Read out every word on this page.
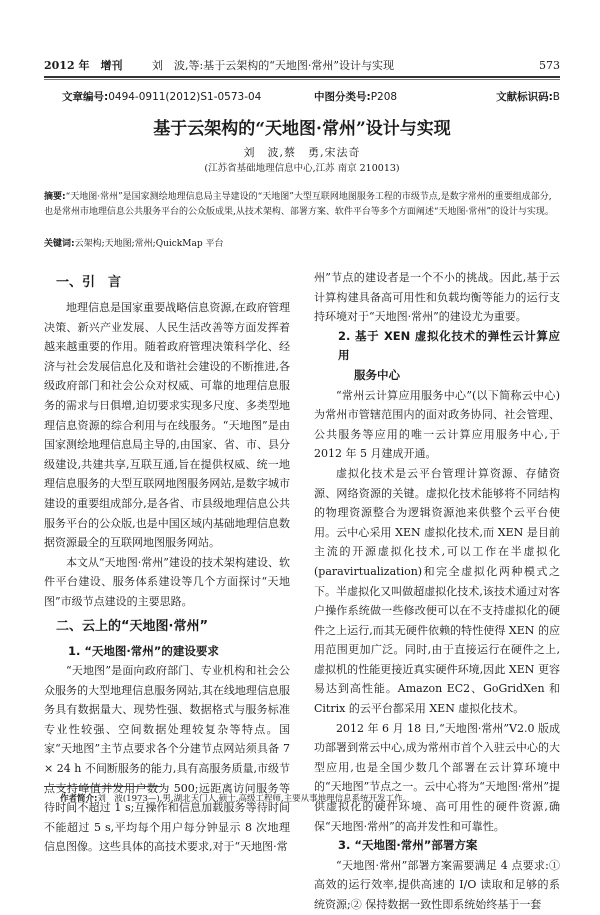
2012 年　增刊	刘　波,等:基于云架构的“天地图·常州”设计与实现	573
文章编号:0494-0911(2012)S1-0573-04	中图分类号:P208	文献标识码:B
基于云架构的“天地图·常州”设计与实现
刘　波,蔡　勇,宋法奇
(江苏省基础地理信息中心,江苏 南京 210013)
摘要:“天地图·常州”是国家测绘地理信息局主导建设的“天地图”大型互联网地图服务工程的市级节点,是数字常州的重要组成部分,也是常州市地理信息公共服务平台的公众版成果,从技术架构、部署方案、软件平台等多个方面阐述“天地图·常州”的设计与实现。
关键词:云架构;天地图;常州;QuickMap 平台
一、引　言

地理信息是国家重要战略信息资源,在政府管理决策、新兴产业发展、人民生活改善等方面发挥着越来越重要的作用。随着政府管理决策科学化、经济与社会发展信息化及和谐社会建设的不断推进,各级政府部门和社会公众对权威、可靠的地理信息服务的需求与日俱增,迫切要求实现多尺度、多类型地理信息资源的综合利用与在线服务。“天地图”是由国家测绘地理信息局主导的,由国家、省、市、县分级建设,共建共享,互联互通,旨在提供权威、统一地理信息服务的大型互联网地图服务网站,是数字城市建设的重要组成部分,是各省、市县级地理信息公共服务平台的公众版,也是中国区域内基础地理信息数据资源最全的互联网地图服务网站。

本文从“天地图·常州”建设的技术架构建设、软件平台建设、服务体系建设等几个方面探讨“天地图”市级节点建设的主要思路。

二、云上的“天地图·常州”
1. “天地图·常州”的建设要求

“天地图”是面向政府部门、专业机构和社会公众服务的大型地理信息服务网站,其在线地理信息服务具有数据量大、现势性强、数据格式与服务标准专业性较强、空间数据处理较复杂等特点。国家“天地图”主节点要求各个分建节点网站须具备 7 × 24 h 不间断服务的能力,具有高服务质量,市级节点支持峰值并发用户数为 500;远距离访问服务等待时间不超过 1 s;互操作和信息加载服务等待时间不能超过 5 s,平均每个用户每分钟显示 8 次地理信息图像。这些具体的高技术要求,对于“天地图·常

州”节点的建设者是一个不小的挑战。因此,基于云计算构建具备高可用性和负载均衡等能力的运行支持环境对于“天地图·常州”的建设尤为重要。

2. 基于 XEN 虚拟化技术的弹性云计算应用
服务中心

“常州云计算应用服务中心”(以下简称云中心)为常州市管辖范围内的面对政务协同、社会管理、公共服务等应用的唯一云计算应用服务中心,于 2012 年 5 月建成开通。

虚拟化技术是云平台管理计算资源、存储资源、网络资源的关键。虚拟化技术能够将不同结构的物理资源整合为逻辑资源池来供整个云平台使用。云中心采用 XEN 虚拟化技术,而 XEN 是目前主流的开源虚拟化技术,可以工作在半虚拟化(paravirtualization)和完全虚拟化两种模式之下。半虚拟化又叫做超虚拟化技术,该技术通过对客户操作系统做一些修改便可以在不支持虚拟化的硬件之上运行,而其无硬件依赖的特性使得 XEN 的应用范围更加广泛。同时,由于直接运行在硬件之上,虚拟机的性能更接近真实硬件环境,因此 XEN 更容易达到高性能。Amazon EC2、GoGridXen 和 Citrix 的云平台都采用 XEN 虚拟化技术。

2012 年 6 月 18 日,“天地图·常州”V2.0 版成功部署到常云中心,成为常州市首个入驻云中心的大型应用,也是全国少数几个部署在云计算环境中的“天地图”节点之一。云中心将为“天地图·常州”提供虚拟化的硬件环境、高可用性的硬件资源,确保“天地图·常州”的高并发性和可靠性。

3. “天地图·常州”部署方案

“天地图·常州”部署方案需要满足 4 点要求:① 高效的运行效率,提供高速的 I/O 读取和足够的系统资源;② 保持数据一致性即系统始终基于一套

作者简介:刘　波(1973—),男,湖北天门人,硕士,高级工程师,主要从事地理信息系统开发工作。
